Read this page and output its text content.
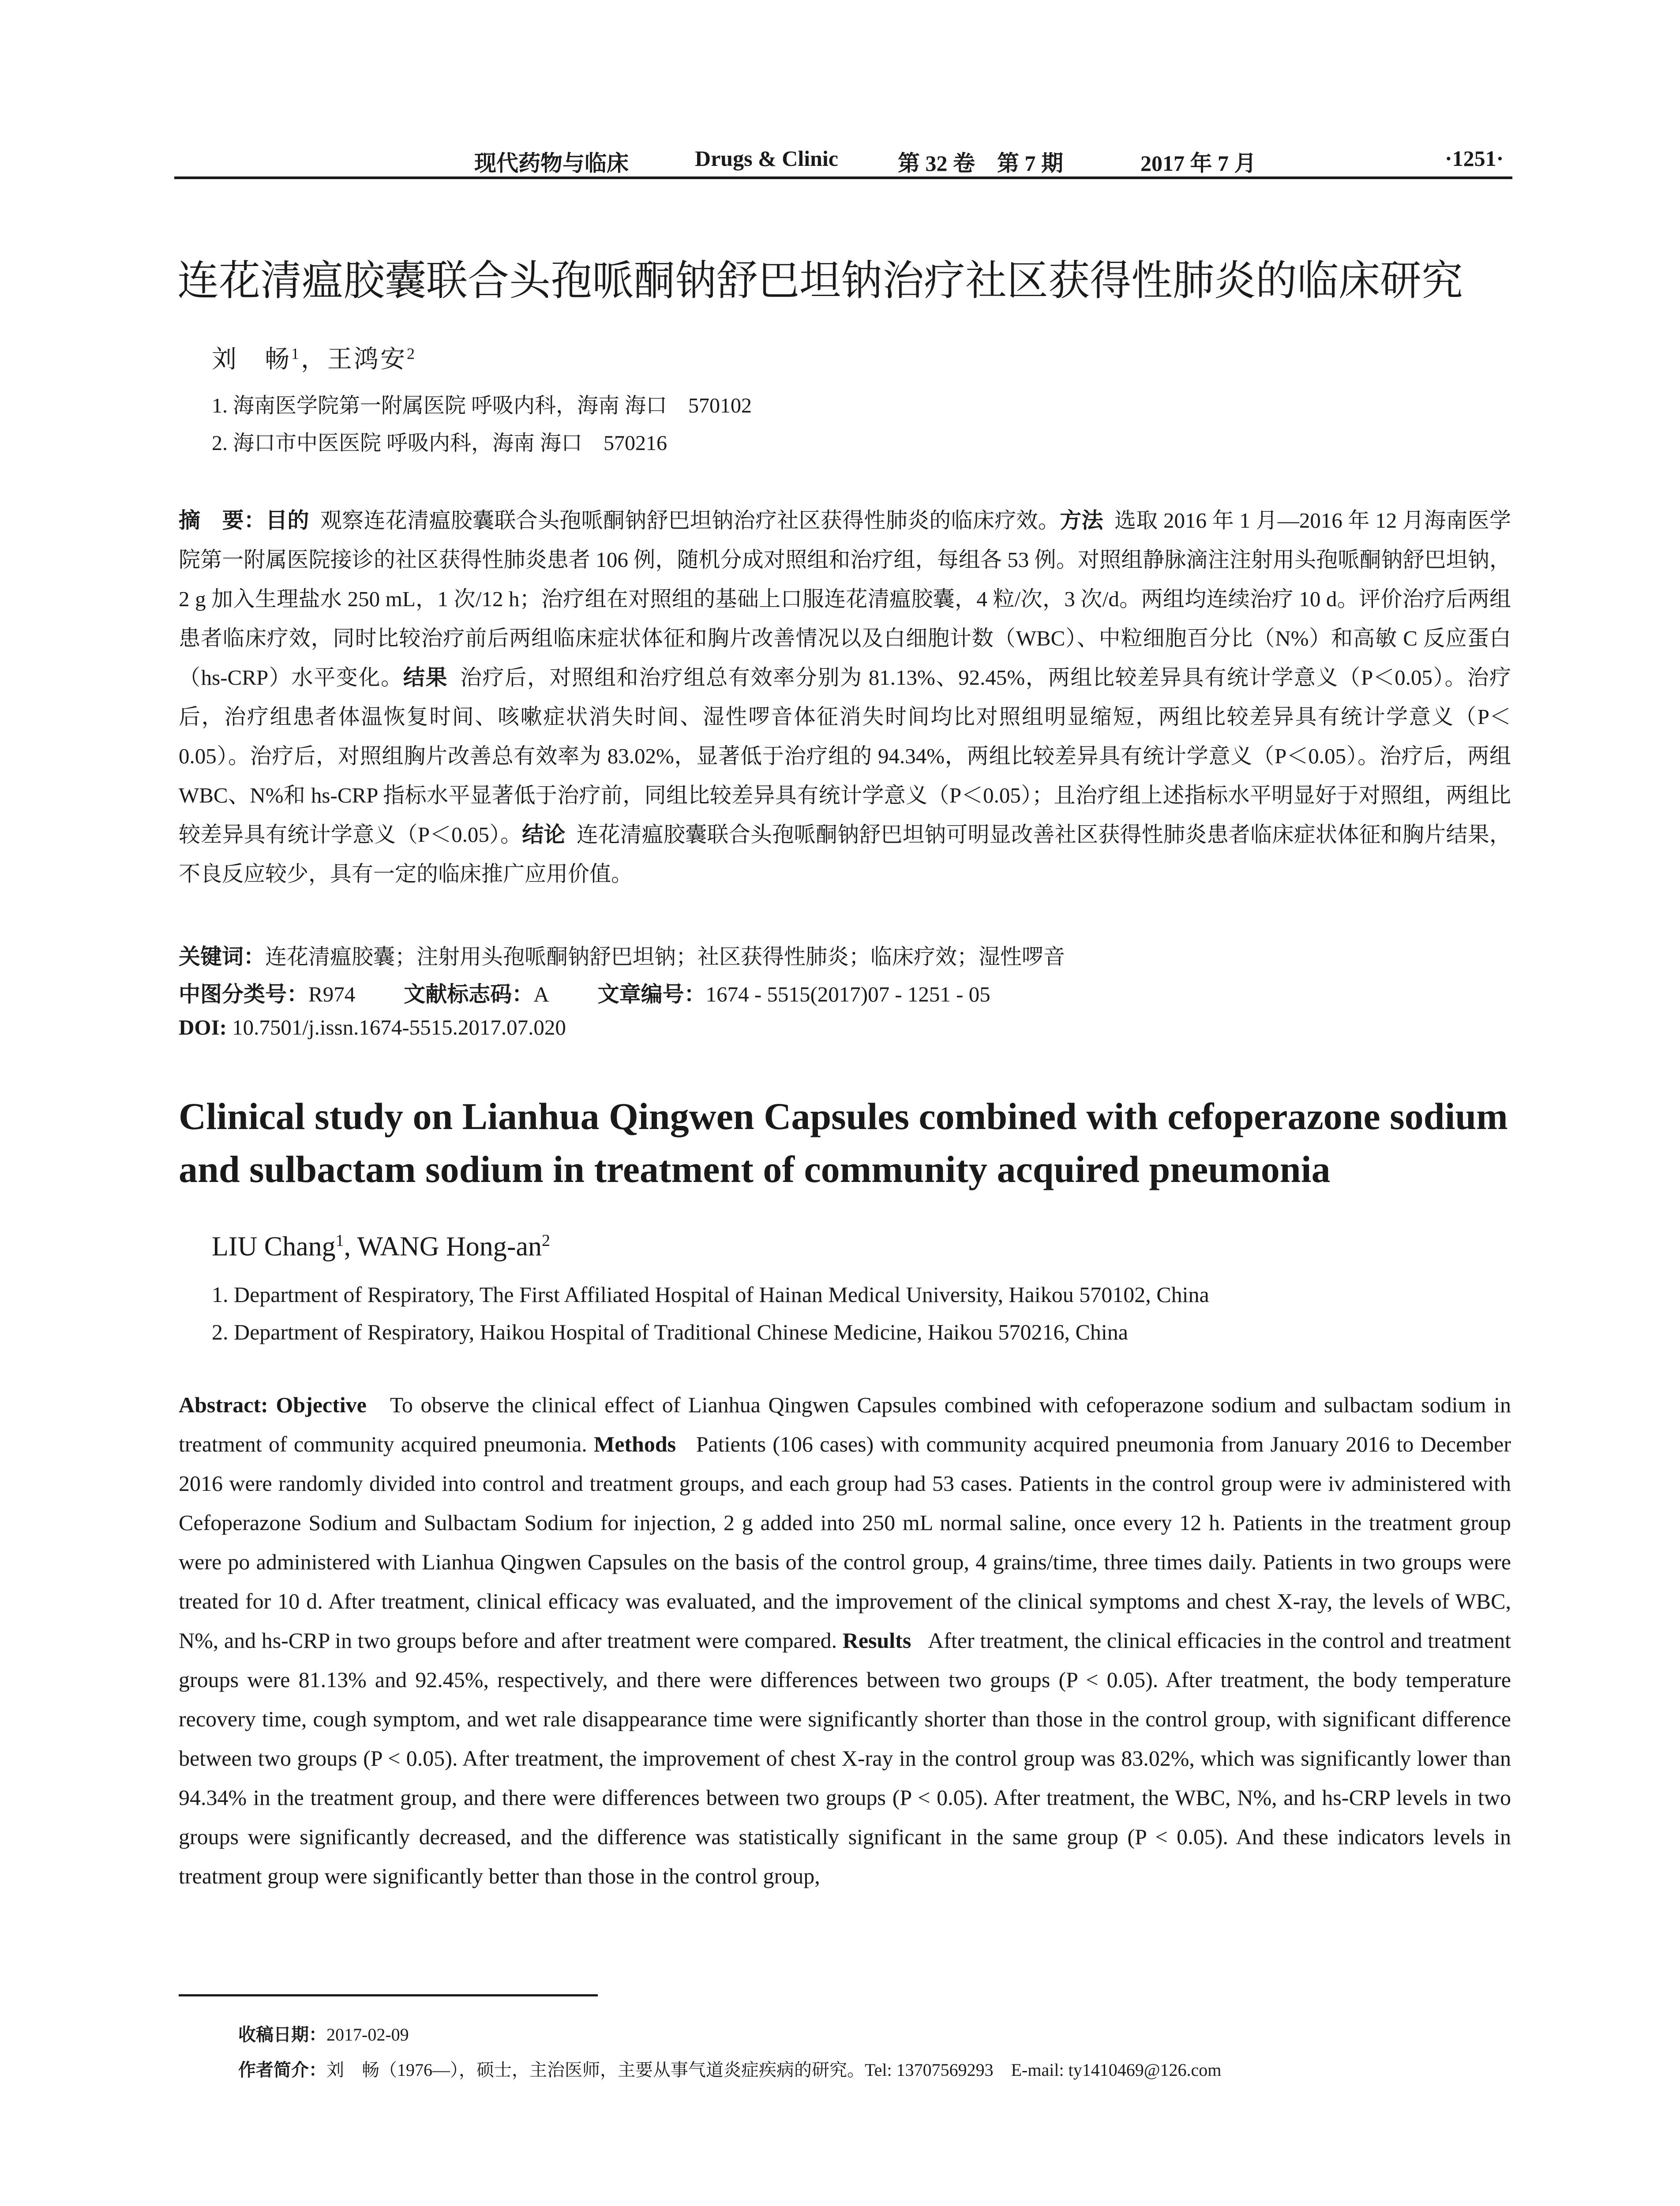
现代药物与临床	Drugs & Clinic	第 32 卷　第 7 期	2017 年 7 月	·1251·
连花清瘟胶囊联合头孢哌酮钠舒巴坦钠治疗社区获得性肺炎的临床研究
刘　畅$^1$，王鸿安$^2$
1. 海南医学院第一附属医院 呼吸内科，海南 海口　570102
2. 海口市中医医院 呼吸内科，海南 海口　570216
摘　要：目的 观察连花清瘟胶囊联合头孢哌酮钠舒巴坦钠治疗社区获得性肺炎的临床疗效。方法 选取 2016 年 1 月—2016 年 12 月海南医学院第一附属医院接诊的社区获得性肺炎患者 106 例，随机分成对照组和治疗组，每组各 53 例。对照组静脉滴注注射用头孢哌酮钠舒巴坦钠，2 g 加入生理盐水 250 mL，1 次/12 h；治疗组在对照组的基础上口服连花清瘟胶囊，4 粒/次，3 次/d。两组均连续治疗 10 d。评价治疗后两组患者临床疗效，同时比较治疗前后两组临床症状体征和胸片改善情况以及白细胞计数（WBC）、中粒细胞百分比（N%）和高敏 C 反应蛋白（hs-CRP）水平变化。结果 治疗后，对照组和治疗组总有效率分别为 81.13%、92.45%，两组比较差异具有统计学意义（P＜0.05）。治疗后，治疗组患者体温恢复时间、咳嗽症状消失时间、湿性啰音体征消失时间均比对照组明显缩短，两组比较差异具有统计学意义（P＜0.05）。治疗后，对照组胸片改善总有效率为 83.02%，显著低于治疗组的 94.34%，两组比较差异具有统计学意义（P＜0.05）。治疗后，两组 WBC、N%和 hs-CRP 指标水平显著低于治疗前，同组比较差异具有统计学意义（P＜0.05）；且治疗组上述指标水平明显好于对照组，两组比较差异具有统计学意义（P＜0.05）。结论 连花清瘟胶囊联合头孢哌酮钠舒巴坦钠可明显改善社区获得性肺炎患者临床症状体征和胸片结果，不良反应较少，具有一定的临床推广应用价值。
关键词：连花清瘟胶囊；注射用头孢哌酮钠舒巴坦钠；社区获得性肺炎；临床疗效；湿性啰音
中图分类号：R974 文献标志码：A 文章编号：1674 - 5515(2017)07 - 1251 - 05
DOI: 10.7501/j.issn.1674-5515.2017.07.020
Clinical study on Lianhua Qingwen Capsules combined with cefoperazone sodium and sulbactam sodium in treatment of community acquired pneumonia
LIU Chang$^1$, WANG Hong-$an^2$
1. Department of Respiratory, The First Affiliated Hospital of Hainan Medical University, Haikou 570102, China
2. Department of Respiratory, Haikou Hospital of Traditional Chinese Medicine, Haikou 570216, China
Abstract: Objective To observe the clinical effect of Lianhua Qingwen Capsules combined with cefoperazone sodium and sulbactam sodium in treatment of community acquired pneumonia. Methods Patients (106 cases) with community acquired pneumonia from January 2016 to December 2016 were randomly divided into control and treatment groups, and each group had 53 cases. Patients in the control group were iv administered with Cefoperazone Sodium and Sulbactam Sodium for injection, 2 g added into 250 mL normal saline, once every 12 h. Patients in the treatment group were po administered with Lianhua Qingwen Capsules on the basis of the control group, 4 grains/time, three times daily. Patients in two groups were treated for 10 d. After treatment, clinical efficacy was evaluated, and the improvement of the clinical symptoms and chest X-ray, the levels of WBC, N%, and hs-CRP in two groups before and after treatment were compared. Results After treatment, the clinical efficacies in the control and treatment groups were 81.13% and 92.45%, respectively, and there were differences between two groups (P < 0.05). After treatment, the body temperature recovery time, cough symptom, and wet rale disappearance time were significantly shorter than those in the control group, with significant difference between two groups (P < 0.05). After treatment, the improvement of chest X-ray in the control group was 83.02%, which was significantly lower than 94.34% in the treatment group, and there were differences between two groups (P < 0.05). After treatment, the WBC, N%, and hs-CRP levels in two groups were significantly decreased, and the difference was statistically significant in the same group (P < 0.05). And these indicators levels in treatment group were significantly better than those in the control group,
收稿日期：2017-02-09
作者简介：刘　畅（1976—），硕士，主治医师，主要从事气道炎症疾病的研究。Tel: 13707569293　E-mail: ty1410469@126.com
